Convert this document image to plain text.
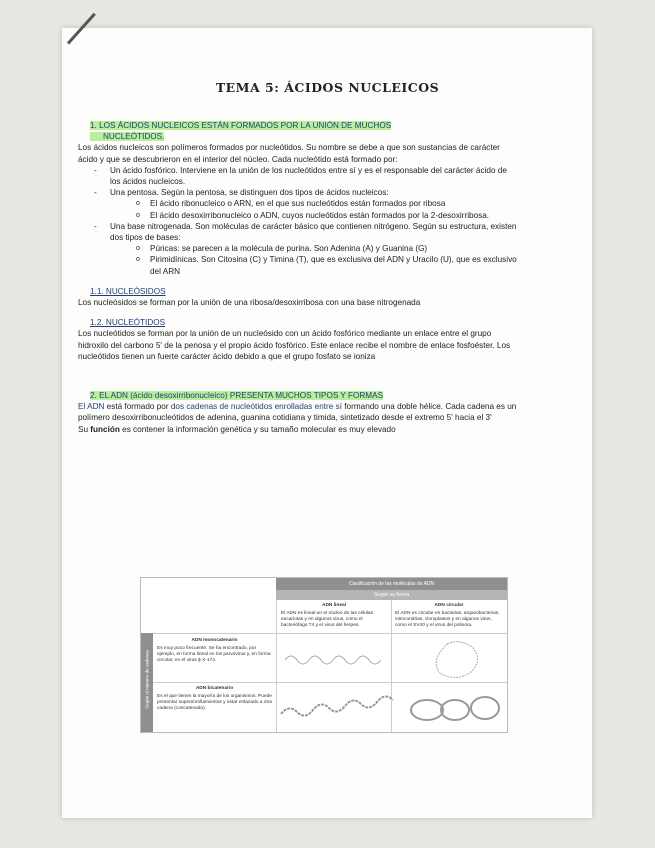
TEMA 5: ÁCIDOS NUCLEICOS

1. LOS ÁCIDOS NUCLEICOS ESTÁN FORMADOS POR LA UNIÓN DE MUCHOS
NUCLEÓTIDOS.

Los ácidos nucleicos son polímeros formados por nucleótidos. Su nombre se debe a que son sustancias de carácter ácido y que se descubrieron en el interior del núcleo. Cada nucleótido está formado por:

- Un ácido fosfórico. Interviene en la unión de los nucleótidos entre sí y es el responsable del carácter ácido de los ácidos nucleicos.
- Una pentosa. Según la pentosa, se distinguen dos tipos de ácidos nucleicos:
o El ácido ribonucleico o ARN, en el que sus nucleótidos están formados por ribosa
o El ácido desoxirribonucleico o ADN, cuyos nucleótidos están formados por la 2-desoxirribosa.
- Una base nitrogenada. Son moléculas de carácter básico que contienen nitrógeno. Según su estructura, existen dos tipos de bases:
o Púricas: se parecen a la molécula de purina. Son Adenina (A) y Guanina (G)
o Pirimidínicas. Son Citosina (C) y Timina (T), que es exclusiva del ADN y Uracilo (U), que es exclusivo del ARN

1.1. NUCLEÓSIDOS

Los nucleósidos se forman por la unión de una ribosa/desoxirribosa con una base nitrogenada

1.2. NUCLEÓTIDOS

Los nucleótidos se forman por la unión de un nucleósido con un ácido fosfórico mediante un enlace entre el grupo hidroxilo del carbono 5' de la penosa y el propio ácido fosfórico. Este enlace recibe el nombre de enlace fosfoéster. Los nucleótidos tienen un fuerte carácter ácido debido a que el grupo fosfato se ioniza

2. EL ADN (ácido desoxirribonucleico) PRESENTA MUCHOS TIPOS Y FORMAS

El ADN está formado por dos cadenas de nucleótidos enrolladas entre sí formando una doble hélice. Cada cadena es un polímero desoxirribonucleótidos de adenina, guanina cotidiana y timida, sintetizado desde el extremo 5' hacia el 3'

Su función es contener la información genética y su tamaño molecular es muy elevado

Clasificación de las moléculas de ADN
Según su forma
Según el número de cadenas
ADN lineal
El ADN es lineal en el núcleo de las células eucariotas y en algunos virus, como el bacteriófago T4 y el virus del herpes.
ADN circular
El ADN es circular en bacterias, arqueobacterias, mitocondrias, cloroplastos y en algunos virus, como el SV40 y el virus del polioma.
ADN monocatenario
Es muy poco frecuente. Se ha encontrado, por ejemplo, en forma lineal en los parvovirus y, en forma circular, en el virus ϕ X-174.
ADN bicatenario
Es el que tienen la mayoría de los organismos. Puede presentar superenrollamientos y estar enlazado a otra cadena (concatenado).
